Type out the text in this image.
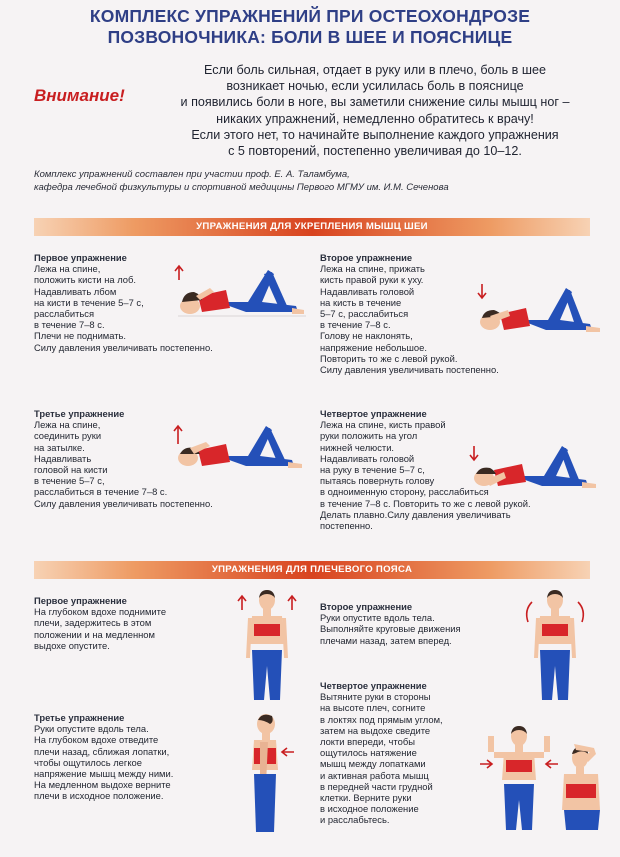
КОМПЛЕКС УПРАЖНЕНИЙ ПРИ ОСТЕОХОНДРОЗЕ
ПОЗВОНОЧНИКА: БОЛИ В ШЕЕ И ПОЯСНИЦЕ
Внимание!
Если боль сильная, отдает в руку или в плечо, боль в шее
возникает ночью, если усилилась боль в пояснице
и появились боли в ноге, вы заметили снижение силы мышц ног –
никаких упражнений, немедленно обратитесь к врачу!
Если этого нет, то начинайте выполнение каждого упражнения
с 5 повторений, постепенно увеличивая до 10–12.
Комплекс упражнений составлен при участии проф. Е. А. Таламбума,
кафедра лечебной физкультуры и спортивной медицины Первого МГМУ им. И.М. Сеченова
УПРАЖНЕНИЯ ДЛЯ УКРЕПЛЕНИЯ МЫШЦ ШЕИ
Первое упражнение
Лежа на спине,
положить кисти на лоб.
Надавливать лбом
на кисти в течение 5–7 с,
расслабиться
в течение 7–8 с.
Плечи не поднимать.
Силу давления увеличивать постепенно.
Второе упражнение
Лежа на спине, прижать
кисть правой руки к уху.
Надавливать головой
на кисть в течение
5–7 с, расслабиться
в течение 7–8 с.
Голову не наклонять,
напряжение небольшое.
Повторить то же с левой рукой.
Силу давления увеличивать постепенно.
Третье упражнение
Лежа на спине,
соединить руки
на затылке.
Надавливать
головой на кисти
в течение 5–7 с,
расслабиться в течение 7–8 с.
Силу давления увеличивать постепенно.
Четвертое упражнение
Лежа на спине, кисть правой
руки положить на угол
нижней челюсти.
Надавливать головой
на руку в течение 5–7 с,
пытаясь повернуть голову
в одноименную сторону, расслабиться
в течение 7–8 с. Повторить то же с левой рукой.
Делать плавно.Силу давления увеличивать
постепенно.
УПРАЖНЕНИЯ ДЛЯ ПЛЕЧЕВОГО ПОЯСА
Первое упражнение
На глубоком вдохе поднимите
плечи, задержитесь в этом
положении и на медленном
выдохе опустите.
Второе упражнение
Руки опустите вдоль тела.
Выполняйте круговые движения
плечами назад, затем вперед.
Третье упражнение
Руки опустите вдоль тела.
На глубоком вдохе отведите
плечи назад, сближая лопатки,
чтобы ощутилось легкое
напряжение мышц между ними.
На медленном выдохе верните
плечи в исходное положение.
Четвертое упражнение
Вытяните руки в стороны
на высоте плеч, согните
в локтях под прямым углом,
затем на выдохе сведите
локти впереди, чтобы
ощутилось натяжение
мышц между лопатками
и активная работа мышц
в передней части грудной
клетки. Верните руки
в исходное положение
и расслабьтесь.
